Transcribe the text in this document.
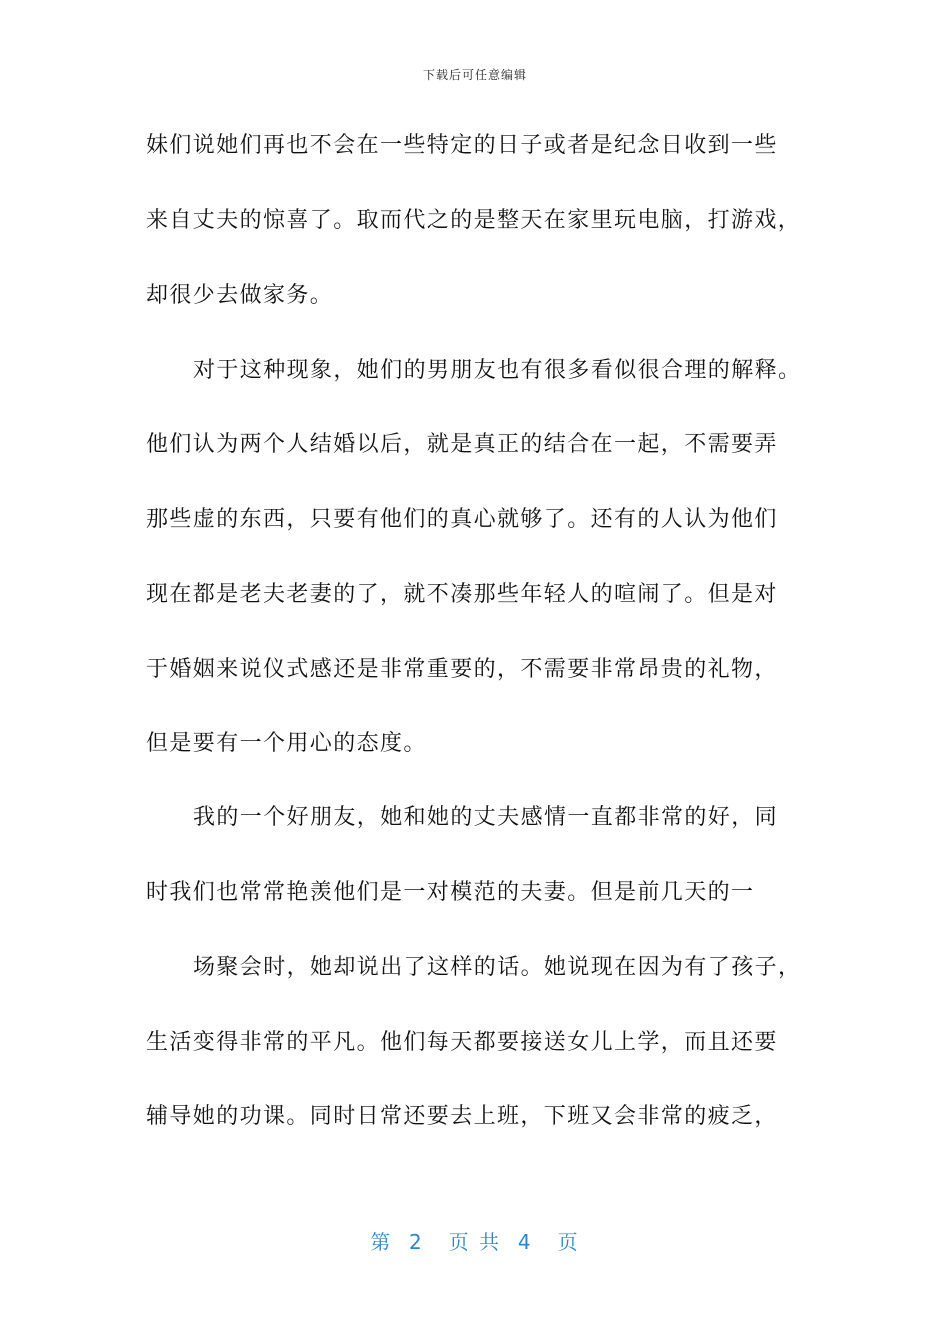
下载后可任意编辑
妹们说她们再也不会在一些特定的日子或者是纪念日收到一些
来自丈夫的惊喜了。取而代之的是整天在家里玩电脑，打游戏，
却很少去做家务。
对于这种现象，她们的男朋友也有很多看似很合理的解释。
他们认为两个人结婚以后，就是真正的结合在一起，不需要弄
那些虚的东西，只要有他们的真心就够了。还有的人认为他们
现在都是老夫老妻的了，就不凑那些年轻人的喧闹了。但是对
于婚姻来说仪式感还是非常重要的，不需要非常昂贵的礼物，
但是要有一个用心的态度。
我的一个好朋友，她和她的丈夫感情一直都非常的好，同
时我们也常常艳羡他们是一对模范的夫妻。但是前几天的一
场聚会时，她却说出了这样的话。她说现在因为有了孩子，
生活变得非常的平凡。他们每天都要接送女儿上学，而且还要
辅导她的功课。同时日常还要去上班，下班又会非常的疲乏，
第  2   页 共  4   页
